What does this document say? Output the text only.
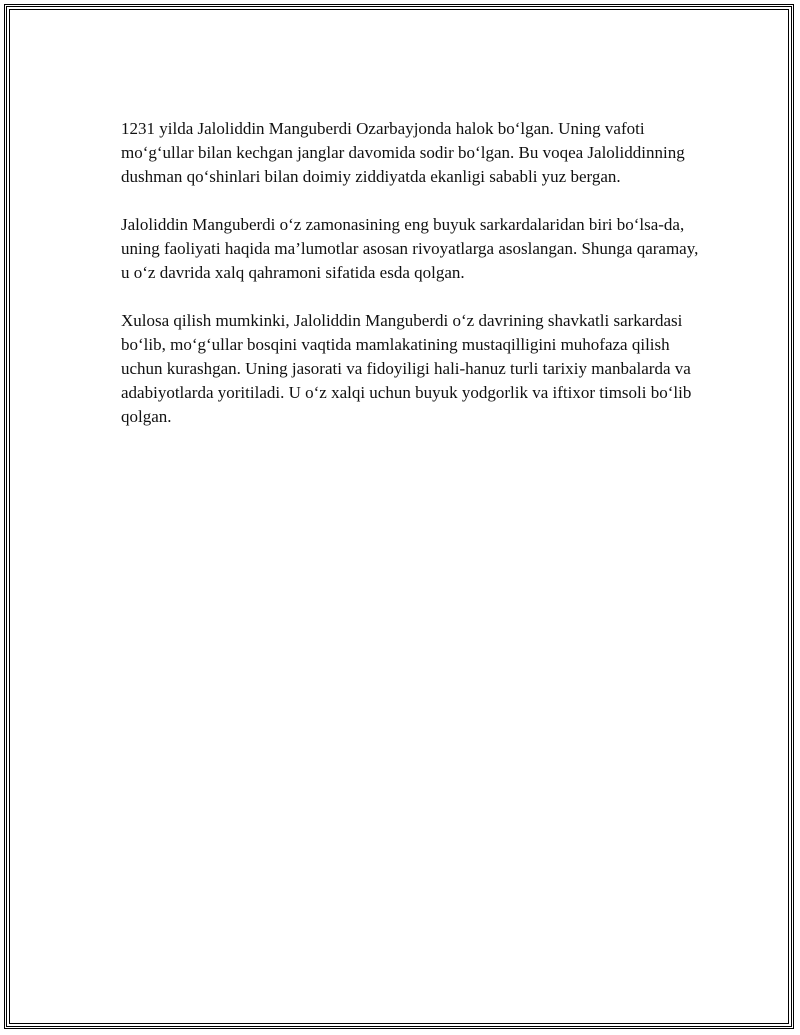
1231 yilda Jaloliddin Manguberdi Ozarbayjonda halok bo‘lgan. Uning vafoti mo‘g‘ullar bilan kechgan janglar davomida sodir bo‘lgan. Bu voqea Jaloliddinning dushman qo‘shinlari bilan doimiy ziddiyatda ekanligi sababli yuz bergan.

Jaloliddin Manguberdi o‘z zamonasining eng buyuk sarkardalaridan biri bo‘lsa-da, uning faoliyati haqida ma’lumotlar asosan rivoyatlarga asoslangan. Shunga qaramay, u o‘z davrida xalq qahramoni sifatida esda qolgan.

Xulosa qilish mumkinki, Jaloliddin Manguberdi o‘z davrining shavkatli sarkardasi bo‘lib, mo‘g‘ullar bosqini vaqtida mamlakatining mustaqilligini muhofaza qilish uchun kurashgan. Uning jasorati va fidoyiligi hali-hanuz turli tarixiy manbalarda va adabiyotlarda yoritiladi. U o‘z xalqi uchun buyuk yodgorlik va iftixor timsoli bo‘lib qolgan.
